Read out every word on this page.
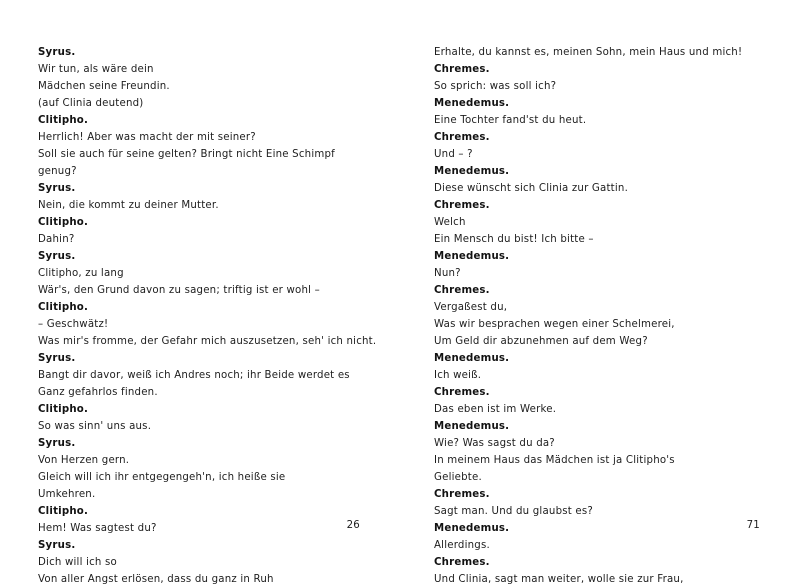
Syrus.
Wir tun, als wäre dein
Mädchen seine Freundin.
(auf Clinia deutend)
Clitipho.
Herrlich! Aber was macht der mit seiner?
Soll sie auch für seine gelten? Bringt nicht Eine Schimpf
genug?
Syrus.
Nein, die kommt zu deiner Mutter.
Clitipho.
Dahin?
Syrus.
Clitipho, zu lang
Wär's, den Grund davon zu sagen; triftig ist er wohl –
Clitipho.
– Geschwätz!
Was mir's fromme, der Gefahr mich auszusetzen, seh' ich nicht.
Syrus.
Bangt dir davor, weiß ich Andres noch; ihr Beide werdet es
Ganz gefahrlos finden.
Clitipho.
So was sinn' uns aus.
Syrus.
Von Herzen gern.
Gleich will ich ihr entgegengeh'n, ich heiße sie
Umkehren.
Clitipho.
Hem! Was sagtest du?
Syrus.
Dich will ich so
Von aller Angst erlösen, dass du ganz in Ruh
Erhalte, du kannst es, meinen Sohn, mein Haus und mich!
Chremes.
So sprich: was soll ich?
Menedemus.
Eine Tochter fand'st du heut.
Chremes.
Und – ?
Menedemus.
Diese wünscht sich Clinia zur Gattin.
Chremes.
Welch
Ein Mensch du bist! Ich bitte –
Menedemus.
Nun?
Chremes.
Vergaßest du,
Was wir besprachen wegen einer Schelmerei,
Um Geld dir abzunehmen auf dem Weg?
Menedemus.
Ich weiß.
Chremes.
Das eben ist im Werke.
Menedemus.
Wie? Was sagst du da?
In meinem Haus das Mädchen ist ja Clitipho's
Geliebte.
Chremes.
Sagt man. Und du glaubst es?
Menedemus.
Allerdings.
Chremes.
Und Clinia, sagt man weiter, wolle sie zur Frau,
26	71
